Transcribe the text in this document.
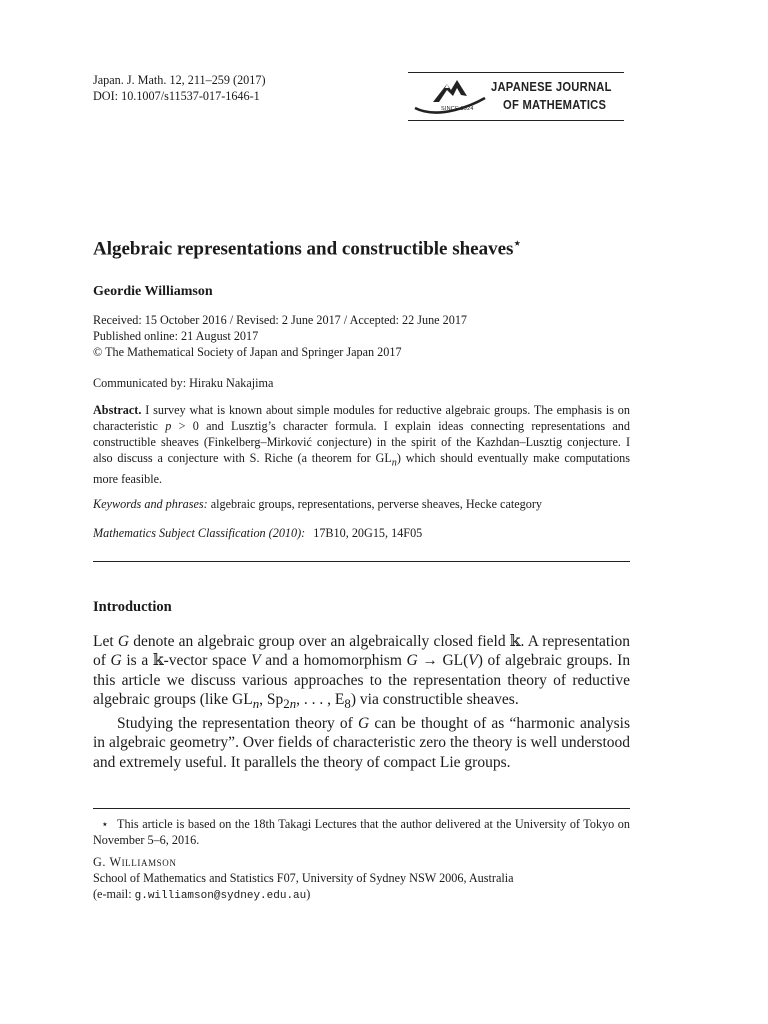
Japan. J. Math. 12, 211–259 (2017)
DOI: 10.1007/s11537-017-1646-1
SINCE 1924
JAPANESE JOURNAL
OF MATHEMATICS
Algebraic representations and constructible sheaves⋆
Geordie Williamson
Received: 15 October 2016 / Revised: 2 June 2017 / Accepted: 22 June 2017
Published online: 21 August 2017
© The Mathematical Society of Japan and Springer Japan 2017
Communicated by: Hiraku Nakajima
Abstract. I survey what is known about simple modules for reductive algebraic groups. The emphasis is on characteristic p > 0 and Lusztig’s character formula. I explain ideas connecting representations and constructible sheaves (Finkelberg–Mirković conjecture) in the spirit of the Kazhdan–Lusztig conjecture. I also discuss a conjecture with S. Riche (a theorem for $GL_n$) which should eventually make computations more feasible.
Keywords and phrases: algebraic groups, representations, perverse sheaves, Hecke category
Mathematics Subject Classification (2010): 17B10, 20G15, 14F05
Introduction

Let G denote an algebraic group over an algebraically closed field 𝕜. A representation of G is a 𝕜-vector space V and a homomorphism G → GL(V) of algebraic groups. In this article we discuss various approaches to the representation theory of reductive algebraic groups (like $GL_n$, $Sp_{2n}$, . . . , $E_8$) via constructible sheaves.

Studying the representation theory of G can be thought of as “harmonic analysis in algebraic geometry”. Over fields of characteristic zero the theory is well understood and extremely useful. It parallels the theory of compact Lie groups.

⋆ This article is based on the 18th Takagi Lectures that the author delivered at the University of Tokyo on November 5–6, 2016.
G. Williamson
School of Mathematics and Statistics F07, University of Sydney NSW 2006, Australia
(e-mail: g.williamson@sydney.edu.au)
